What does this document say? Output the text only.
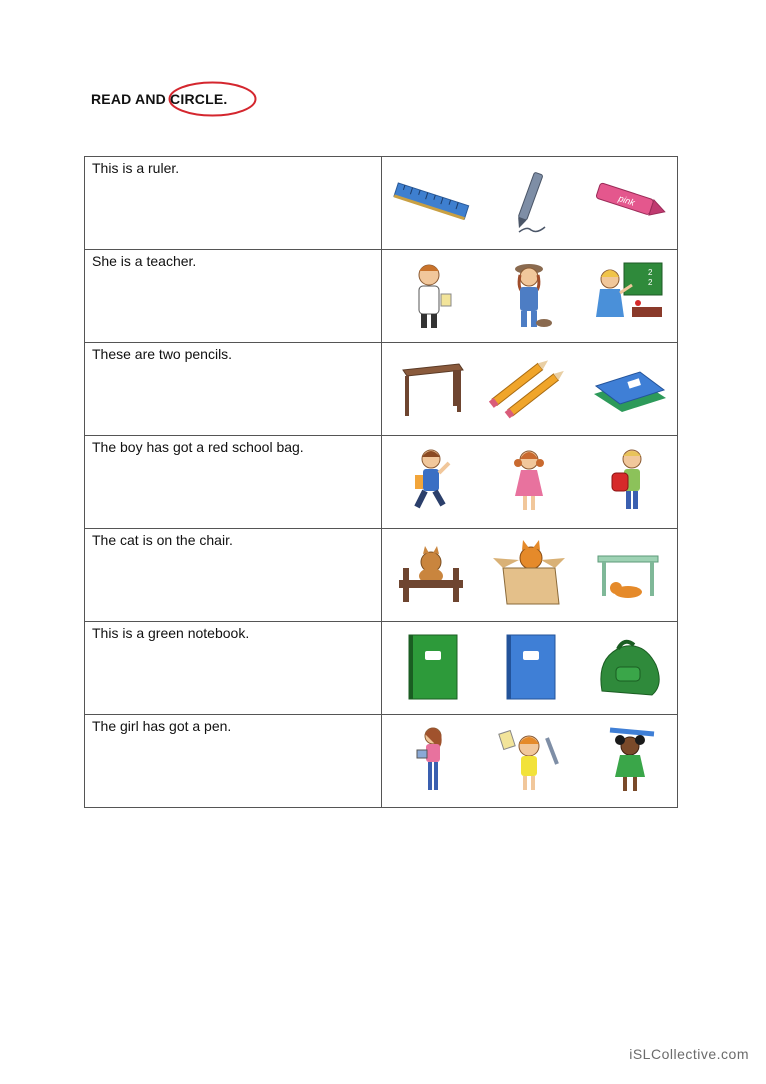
READ AND CIRCLE.
This is a ruler.	pink

She is a teacher.	2
2

These are two pencils.	

The boy has got a red school bag.	

The cat is on the chair.	

This is a green notebook.	

The girl has got a pen.	
iSLCollective.com
